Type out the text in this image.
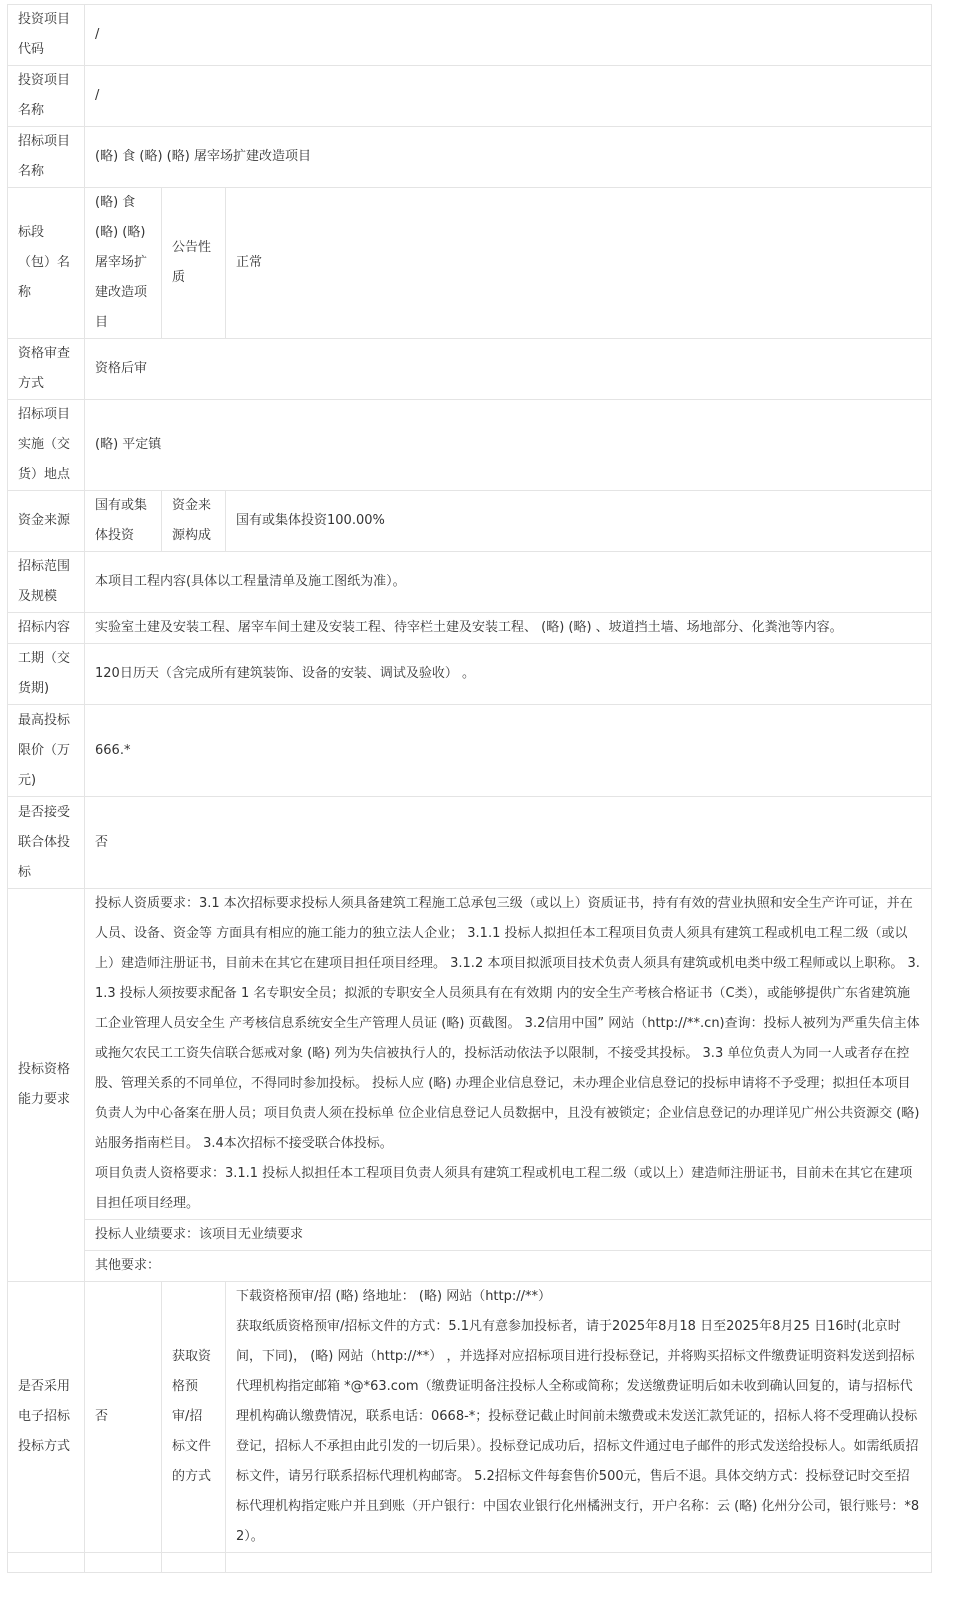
投资项目代码	/		
投资项目名称	/		
招标项目名称	(略) 食 (略) (略) 屠宰场扩建改造项目		
标段（包）名称	(略) 食 (略) (略) 屠宰场扩建改造项目	公告性质	正常
资格审查方式	资格后审		
招标项目实施（交货）地点	(略) 平定镇		
资金来源	国有或集体投资	资金来源构成	国有或集体投资100.00%
招标范围及规模	本项目工程内容(具体以工程量清单及施工图纸为准）。		
招标内容	实验室土建及安装工程、屠宰车间土建及安装工程、待宰栏土建及安装工程、 (略) (略) 、坡道挡土墙、场地部分、化粪池等内容。		
工期（交货期)	120日历天（含完成所有建筑装饰、设备的安装、调试及验收） 。		
最高投标限价（万元)	666.*		
是否接受联合体投标	否		
投标资格能力要求	投标人资质要求：3.1 本次招标要求投标人须具备建筑工程施工总承包三级（或以上）资质证书，持有有效的营业执照和安全生产许可证，并在人员、设备、资金等 方面具有相应的施工能力的独立法人企业； 3.1.1 投标人拟担任本工程项目负责人须具有建筑工程或机电工程二级（或以上）建造师注册证书，目前未在其它在建项目担任项目经理。 3.1.2 本项目拟派项目技术负责人须具有建筑或机电类中级工程师或以上职称。 3.1.3 投标人须按要求配备 1 名专职安全员；拟派的专职安全人员须具有在有效期 内的安全生产考核合格证书（C类），或能够提供广东省建筑施工企业管理人员安全生 产考核信息系统安全生产管理人员证 (略) 页截图。 3.2信用中国” 网站（http://**.cn)查询：投标人被列为严重失信主体或拖欠农民工工资失信联合惩戒对象 (略) 列为失信被执行人的，投标活动依法予以限制，不接受其投标。 3.3 单位负责人为同一人或者存在控股、管理关系的不同单位，不得同时参加投标。 投标人应 (略) 办理企业信息登记，未办理企业信息登记的投标申请将不予受理；拟担任本项目负责人为中心备案在册人员；项目负责人须在投标单 位企业信息登记人员数据中，且没有被锁定；企业信息登记的办理详见广州公共资源交 (略) 站服务指南栏目。 3.4本次招标不接受联合体投标。
项目负责人资格要求：3.1.1 投标人拟担任本工程项目负责人须具有建筑工程或机电工程二级（或以上）建造师注册证书，目前未在其它在建项目担任项目经理。		

	投标人业绩要求：该项目无业绩要求		
	其他要求：		
是否采用电子招标投标方式	否	获取资格预审/招标文件的方式	下载资格预审/招 (略) 络地址： (略) 网站（http://**）
获取纸质资格预审/招标文件的方式：5.1凡有意参加投标者，请于2025年8月18 日至2025年8月25 日16时(北京时间，下同)， (略) 网站（http://**） ，并选择对应招标项目进行投标登记，并将购买招标文件缴费证明资料发送到招标代理机构指定邮箱 *@*63.com（缴费证明备注投标人全称或简称；发送缴费证明后如未收到确认回复的，请与招标代理机构确认缴费情况，联系电话：0668-*；投标登记截止时间前未缴费或未发送汇款凭证的，招标人将不受理确认投标登记，招标人不承担由此引发的一切后果）。投标登记成功后，招标文件通过电子邮件的形式发送给投标人。如需纸质招标文件，请另行联系招标代理机构邮寄。 5.2招标文件每套售价500元，售后不退。具体交纳方式：投标登记时交至招标代理机构指定账户并且到账（开户银行：中国农业银行化州橘洲支行，开户名称：云 (略) 化州分公司，银行账号：*82）。
